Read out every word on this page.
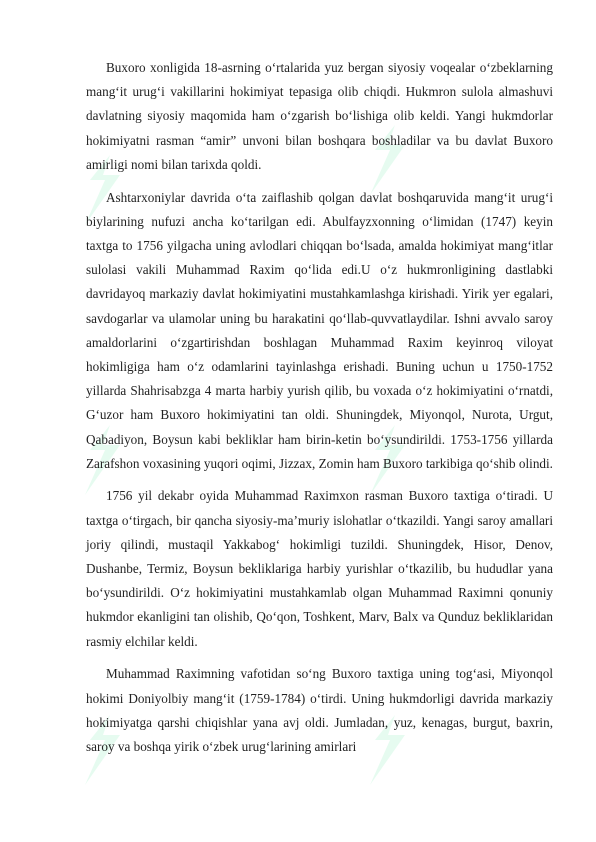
Buxoro xonligida 18-asrning o‘rtalarida yuz bergan siyosiy voqealar o‘zbeklarning mang‘it urug‘i vakillarini hokimiyat tepasiga olib chiqdi. Hukmron sulola almashuvi davlatning siyosiy maqomida ham o‘zgarish bo‘lishiga olib keldi. Yangi hukmdorlar hokimiyatni rasman “amir” unvoni bilan boshqara boshladilar va bu davlat Buxoro amirligi nomi bilan tarixda qoldi.

Ashtarxoniylar davrida o‘ta zaiflashib qolgan davlat boshqaruvida mang‘it urug‘i biylarining nufuzi ancha ko‘tarilgan edi. Abulfayzxonning o‘limidan (1747) keyin taxtga to 1756 yilgacha uning avlodlari chiqqan bo‘lsada, amalda hokimiyat mang‘itlar sulolasi vakili Muhammad Raxim qo‘lida edi.U o‘z hukmronligining dastlabki davridayoq markaziy davlat hokimiyatini mustahkamlashga kirishadi. Yirik yer egalari, savdogarlar va ulamolar uning bu harakatini qo‘llab-quvvatlaydilar. Ishni avvalo saroy amaldorlarini o‘zgartirishdan boshlagan Muhammad Raxim keyinroq viloyat hokimligiga ham o‘z odamlarini tayinlashga erishadi. Buning uchun u 1750-1752 yillarda Shahrisabzga 4 marta harbiy yurish qilib, bu voxada o‘z hokimiyatini o‘rnatdi, G‘uzor ham Buxoro hokimiyatini tan oldi. Shuningdek, Miyonqol, Nurota, Urgut, Qabadiyon, Boysun kabi bekliklar ham birin-ketin bo‘ysundirildi. 1753-1756 yillarda Zarafshon voxasining yuqori oqimi, Jizzax, Zomin ham Buxoro tarkibiga qo‘shib olindi.

1756 yil dekabr oyida Muhammad Raximxon rasman Buxoro taxtiga o‘tiradi. U taxtga o‘tirgach, bir qancha siyosiy-ma’muriy islohatlar o‘tkazildi. Yangi saroy amallari joriy qilindi, mustaqil Yakkabog‘ hokimligi tuzildi. Shuningdek, Hisor, Denov, Dushanbe, Termiz, Boysun bekliklariga harbiy yurishlar o‘tkazilib, bu hududlar yana bo‘ysundirildi. O‘z hokimiyatini mustahkamlab olgan Muhammad Raximni qonuniy hukmdor ekanligini tan olishib, Qo‘qon, Toshkent, Marv, Balx va Qunduz bekliklaridan rasmiy elchilar keldi.

Muhammad Raximning vafotidan so‘ng Buxoro taxtiga uning tog‘asi, Miyonqol hokimi Doniyolbiy mang‘it (1759-1784) o‘tirdi. Uning hukmdorligi davrida markaziy hokimiyatga qarshi chiqishlar yana avj oldi. Jumladan, yuz, kenagas, burgut, baxrin, saroy va boshqa yirik o‘zbek urug‘larining amirlari
